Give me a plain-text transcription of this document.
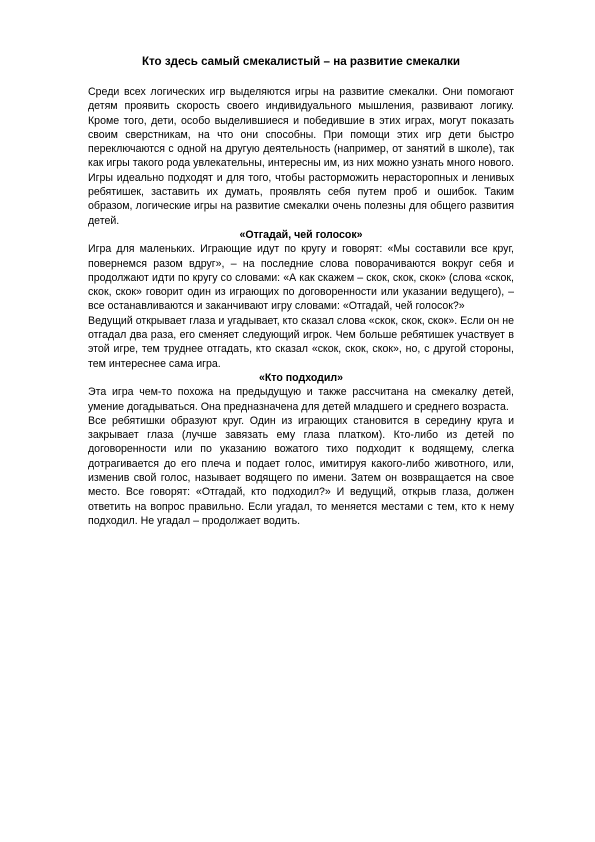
Кто здесь самый смекалистый – на развитие смекалки

Среди всех логических игр выделяются игры на развитие смекалки. Они помогают детям проявить скорость своего индивидуального мышления, развивают логику. Кроме того, дети, особо выделившиеся и победившие в этих играх, могут показать своим сверстникам, на что они способны. При помощи этих игр дети быстро переключаются с одной на другую деятельность (например, от занятий в школе), так как игры такого рода увлекательны, интересны им, из них можно узнать много нового. Игры идеально подходят и для того, чтобы расторможить нерасторопных и ленивых ребятишек, заставить их думать, проявлять себя путем проб и ошибок. Таким образом, логические игры на развитие смекалки очень полезны для общего развития детей.

«Отгадай, чей голосок»

Игра для маленьких. Играющие идут по кругу и говорят: «Мы составили все круг, повернемся разом вдруг», – на последние слова поворачиваются вокруг себя и продолжают идти по кругу со словами: «А как скажем – скок, скок, скок» (слова «скок, скок, скок» говорит один из играющих по договоренности или указании ведущего), – все останавливаются и заканчивают игру словами: «Отгадай, чей голосок?»

Ведущий открывает глаза и угадывает, кто сказал слова «скок, скок, скок». Если он не отгадал два раза, его сменяет следующий игрок. Чем больше ребятишек участвует в этой игре, тем труднее отгадать, кто сказал «скок, скок, скок», но, с другой стороны, тем интереснее сама игра.

«Кто подходил»

Эта игра чем-то похожа на предыдущую и также рассчитана на смекалку детей, умение догадываться. Она предназначена для детей младшего и среднего возраста.

Все ребятишки образуют круг. Один из играющих становится в середину круга и закрывает глаза (лучше завязать ему глаза платком). Кто-либо из детей по договоренности или по указанию вожатого тихо подходит к водящему, слегка дотрагивается до его плеча и подает голос, имитируя какого-либо животного, или, изменив свой голос, называет водящего по имени. Затем он возвращается на свое место. Все говорят: «Отгадай, кто подходил?» И ведущий, открыв глаза, должен ответить на вопрос правильно. Если угадал, то меняется местами с тем, кто к нему подходил. Не угадал – продолжает водить.
